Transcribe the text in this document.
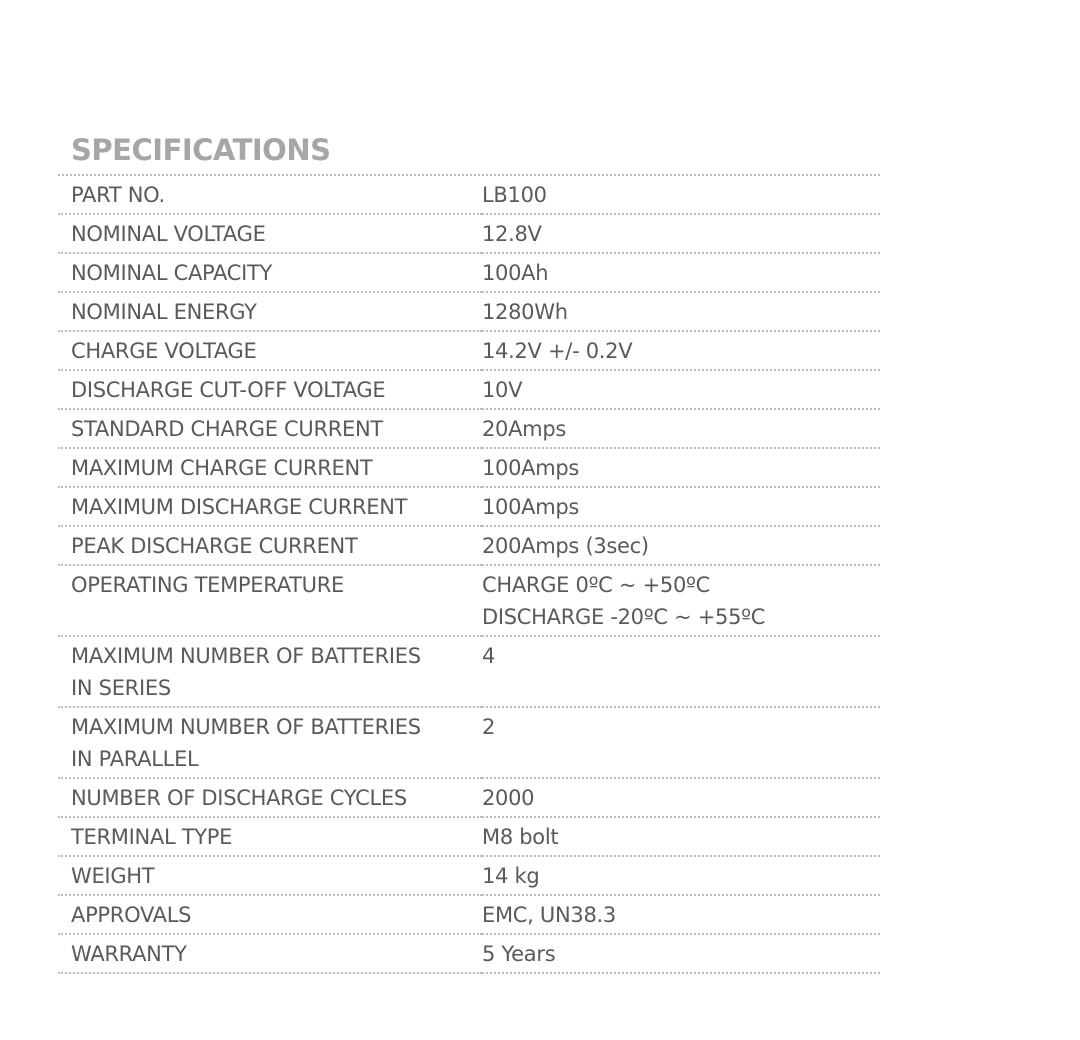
SPECIFICATIONS
PART NO.	LB100
NOMINAL VOLTAGE	12.8V
NOMINAL CAPACITY	100Ah
NOMINAL ENERGY	1280Wh
CHARGE VOLTAGE	14.2V +/- 0.2V
DISCHARGE CUT-OFF VOLTAGE	10V
STANDARD CHARGE CURRENT	20Amps
MAXIMUM CHARGE CURRENT	100Amps
MAXIMUM DISCHARGE CURRENT	100Amps
PEAK DISCHARGE CURRENT	200Amps (3sec)
OPERATING TEMPERATURE	CHARGE 0ºC ~ +50ºC
DISCHARGE -20ºC ~ +55ºC
MAXIMUM NUMBER OF BATTERIES
IN SERIES	4
MAXIMUM NUMBER OF BATTERIES
IN PARALLEL	2
NUMBER OF DISCHARGE CYCLES	2000
TERMINAL TYPE	M8 bolt
WEIGHT	14 kg
APPROVALS	EMC, UN38.3
WARRANTY	5 Years
